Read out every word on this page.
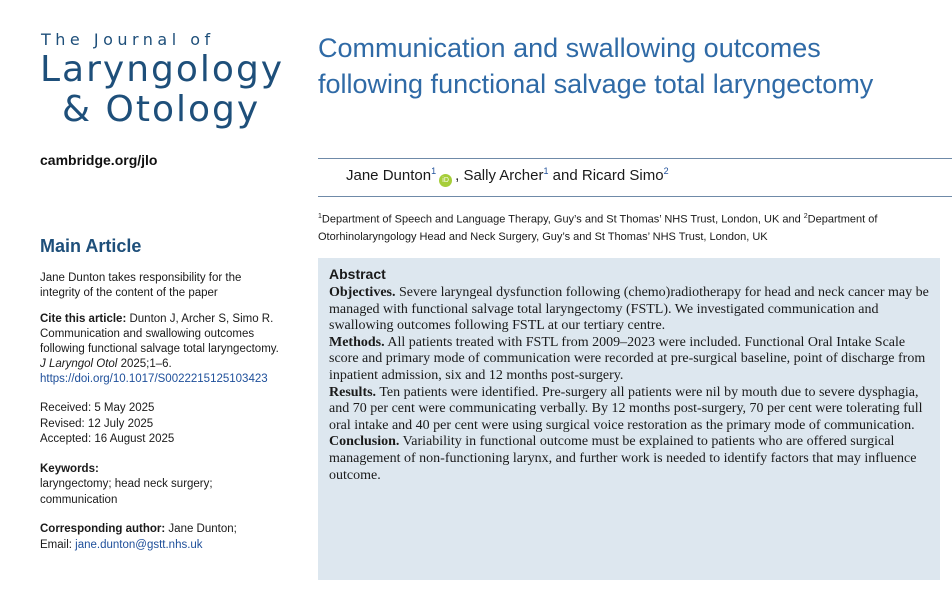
The Journal of
Laryngology
& Otology
cambridge.org/jlo
Main Article
Jane Dunton takes responsibility for the integrity of the content of the paper
Cite this article: Dunton J, Archer S, Simo R. Communication and swallowing outcomes following functional salvage total laryngectomy. J Laryngol Otol 2025;1–6. https://doi.org/10.1017/S0022215125103423
Received: 5 May 2025
Revised: 12 July 2025
Accepted: 16 August 2025
Keywords:
laryngectomy; head neck surgery; communication
Corresponding author: Jane Dunton;
Email: jane.dunton@gstt.nhs.uk
Communication and swallowing outcomes following functional salvage total laryngectomy
Jane Dunton$^1$iD , Sally Archer$^1$ and Ricard Simo$^2$
$^1$Department of Speech and Language Therapy, Guy’s and St Thomas’ NHS Trust, London, UK and $^2$Department of Otorhinolaryngology Head and Neck Surgery, Guy’s and St Thomas’ NHS Trust, London, UK
Abstract

Objectives. Severe laryngeal dysfunction following (chemo)radiotherapy for head and neck cancer may be managed with functional salvage total laryngectomy (FSTL). We investigated communication and swallowing outcomes following FSTL at our tertiary centre.

Methods. All patients treated with FSTL from 2009–2023 were included. Functional Oral Intake Scale score and primary mode of communication were recorded at pre-surgical baseline, point of discharge from inpatient admission, six and 12 months post-surgery.

Results. Ten patients were identified. Pre-surgery all patients were nil by mouth due to severe dysphagia, and 70 per cent were communicating verbally. By 12 months post-surgery, 70 per cent were tolerating full oral intake and 40 per cent were using surgical voice restoration as the primary mode of communication.

Conclusion. Variability in functional outcome must be explained to patients who are offered surgical management of non-functioning larynx, and further work is needed to identify factors that may influence outcome.
